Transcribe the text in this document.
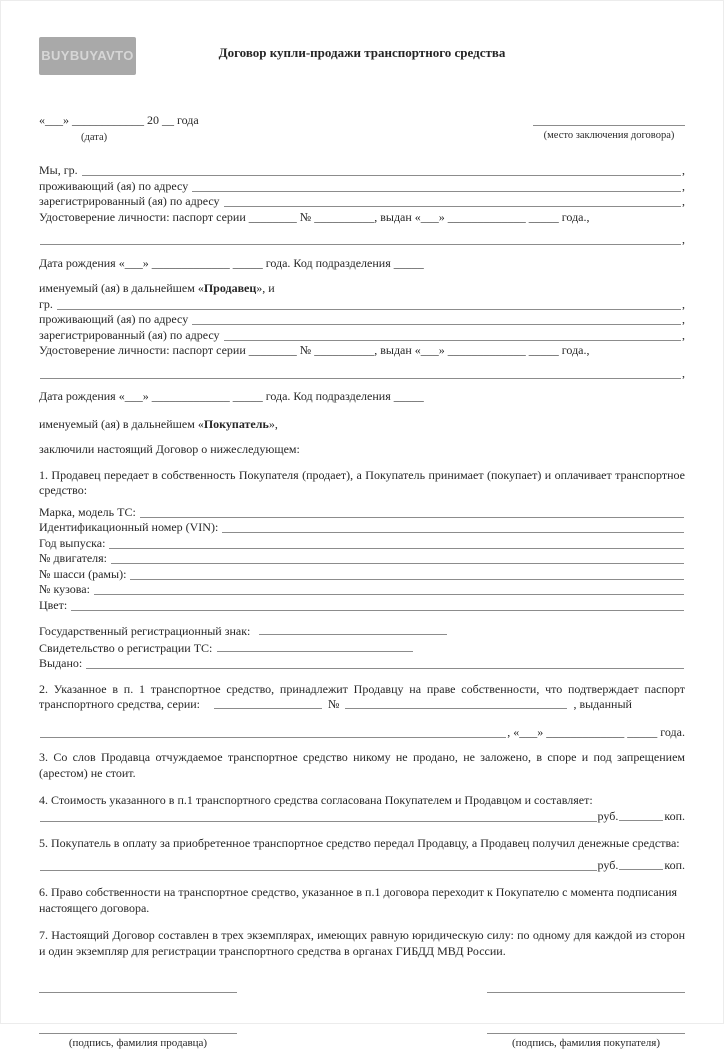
BUYBUYAVTO	Договор купли-продажи транспортного средства
«___» ____________ 20 __ года
(дата)	(место заключения договора)
Мы, гр.	,
проживающий (ая) по адресу	,
зарегистрированный (ая) по адресу	,

Удостоверение личности: паспорт серии ________ № __________, выдан «___» _____________ _____ года.,

,

Дата рождения «___» _____________ _____ года. Код подразделения _____

именуемый (ая) в дальнейшем «Продавец», и

гр.	,
проживающий (ая) по адресу	,
зарегистрированный (ая) по адресу	,

Удостоверение личности: паспорт серии ________ № __________, выдан «___» _____________ _____ года.,

,

Дата рождения «___» _____________ _____ года. Код подразделения _____

именуемый (ая) в дальнейшем «Покупатель»,

заключили настоящий Договор о нижеследующем:

1. Продавец передает в собственность Покупателя (продает), а Покупатель принимает (покупает) и оплачивает транспортное средство:

Марка, модель ТС:
Идентификационный номер (VIN):
Год выпуска:
№ двигателя:
№ шасси (рамы):
№ кузова:
Цвет:
Государственный регистрационный знак:
Свидетельство о регистрации ТС:
Выдано:

2. Указанное в п. 1 транспортное средство, принадлежит Продавцу на праве собственности, что подтверждает паспорт

транспортного средства, серии:	№	, выданный
, «___» _____________ _____ года.

3. Со слов Продавца отчуждаемое транспортное средство никому не продано, не заложено, в споре и под запрещением (арестом) не стоит.

4. Стоимость указанного в п.1 транспортного средства согласована Покупателем и Продавцом и составляет:

руб.	коп.

5. Покупатель в оплату за приобретенное транспортное средство передал Продавцу, а Продавец получил денежные средства:

руб.	коп.

6. Право собственности на транспортное средство, указанное в п.1 договора переходит к Покупателю с момента подписания настоящего договора.

7. Настоящий Договор составлен в трех экземплярах, имеющих равную юридическую силу: по одному для каждой из сторон и один экземпляр для регистрации транспортного средства в органах ГИБДД МВД России.

(подпись, фамилия продавца)	(подпись, фамилия покупателя)
